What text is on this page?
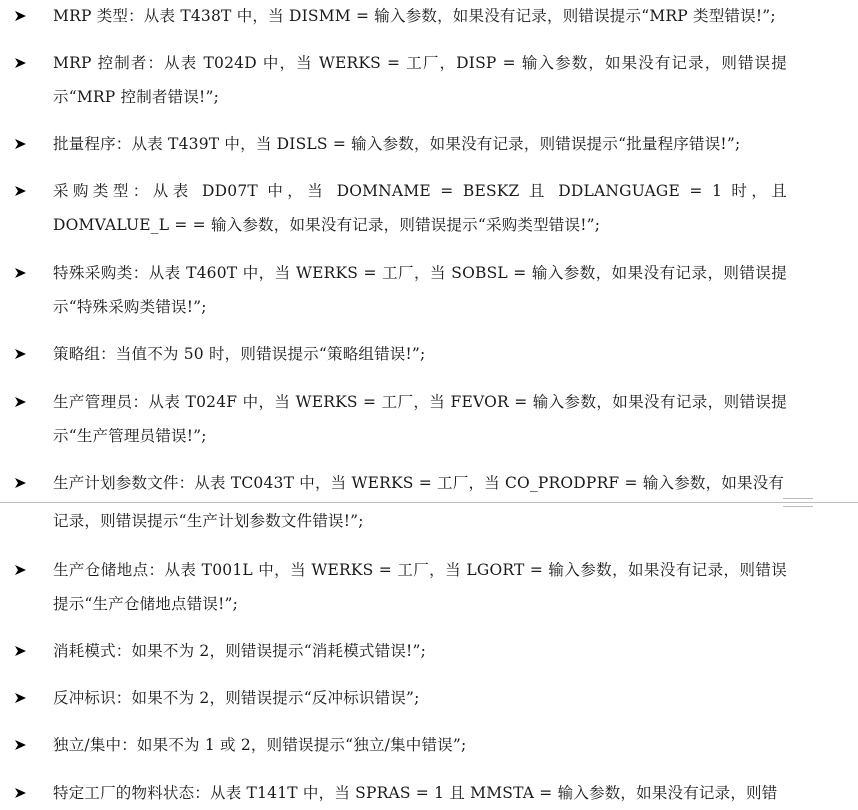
MRP 类型：从表 T438T 中，当 DISMM = 输入参数，如果没有记录，则错误提示“MRP 类型错误!”;
MRP 控制者：从表 T024D 中，当 WERKS = 工厂，DISP = 输入参数，如果没有记录，则错误提示“MRP 控制者错误!”;
批量程序：从表 T439T 中，当 DISLS = 输入参数，如果没有记录，则错误提示“批量程序错误!”;
采购类型：从表 DD07T 中，当 DOMNAME = BESKZ 且 DDLANGUAGE = 1 时，且 DOMVALUE_L = = 输入参数，如果没有记录，则错误提示“采购类型错误!”;
特殊采购类：从表 T460T 中，当 WERKS = 工厂，当 SOBSL = 输入参数，如果没有记录，则错误提示“特殊采购类错误!”;
策略组：当值不为 50 时，则错误提示“策略组错误!”;
生产管理员：从表 T024F 中，当 WERKS = 工厂，当 FEVOR = 输入参数，如果没有记录，则错误提示“生产管理员错误!”;
生产计划参数文件：从表 TC043T 中，当 WERKS = 工厂，当 CO_PRODPRF = 输入参数，如果没有
记录，则错误提示“生产计划参数文件错误!”;
生产仓储地点：从表 T001L 中，当 WERKS = 工厂，当 LGORT = 输入参数，如果没有记录，则错误提示“生产仓储地点错误!”;
消耗模式：如果不为 2，则错误提示“消耗模式错误!”;
反冲标识：如果不为 2，则错误提示“反冲标识错误”;
独立/集中：如果不为 1 或 2，则错误提示“独立/集中错误”;
特定工厂的物料状态：从表 T141T 中，当 SPRAS = 1 且 MMSTA = 输入参数，如果没有记录，则错
